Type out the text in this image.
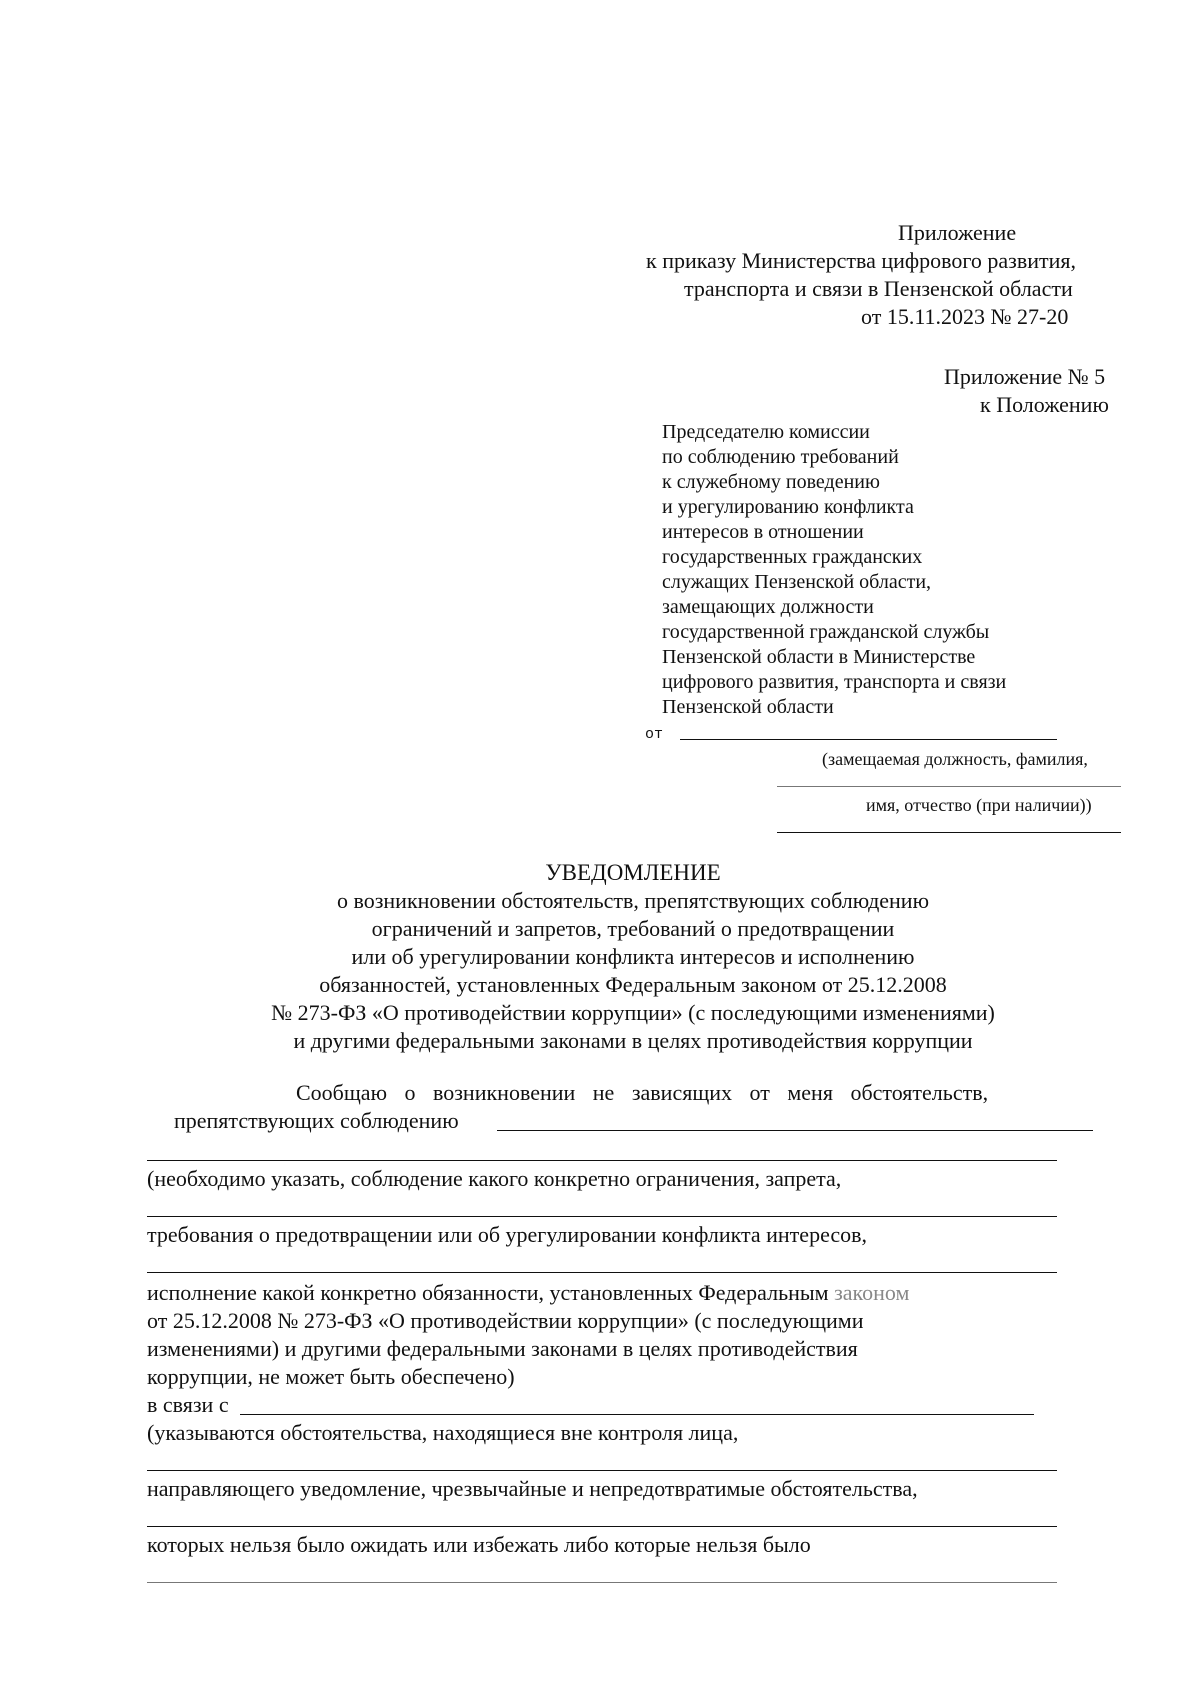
Приложение
к приказу Министерства цифрового развития,
транспорта и связи в Пензенской области
от 15.11.2023 № 27-20
Приложение № 5
к Положению
Председателю комиссии
по соблюдению требований
к служебному поведению
и урегулированию конфликта
интересов в отношении
государственных гражданских
служащих Пензенской области,
замещающих должности
государственной гражданской службы
Пензенской области в Министерстве
цифрового развития, транспорта и связи
Пензенской области
от
(замещаемая должность, фамилия,
имя, отчество (при наличии))
УВЕДОМЛЕНИЕ
о возникновении обстоятельств, препятствующих соблюдению
ограничений и запретов, требований о предотвращении
или об урегулировании конфликта интересов и исполнению
обязанностей, установленных Федеральным законом от 25.12.2008
№ 273-ФЗ «О противодействии коррупции» (с последующими изменениями)
и другими федеральными законами в целях противодействия коррупции
Сообщаю о возникновении не зависящих от меня обстоятельств,
препятствующих соблюдению
(необходимо указать, соблюдение какого конкретно ограничения, запрета,
требования о предотвращении или об урегулировании конфликта интересов,
исполнение какой конкретно обязанности, установленных Федеральным законом
от 25.12.2008 № 273-ФЗ «О противодействии коррупции» (с последующими
изменениями) и другими федеральными законами в целях противодействия
коррупции, не может быть обеспечено)
в связи с
(указываются обстоятельства, находящиеся вне контроля лица,
направляющего уведомление, чрезвычайные и непредотвратимые обстоятельства,
которых нельзя было ожидать или избежать либо которые нельзя было
